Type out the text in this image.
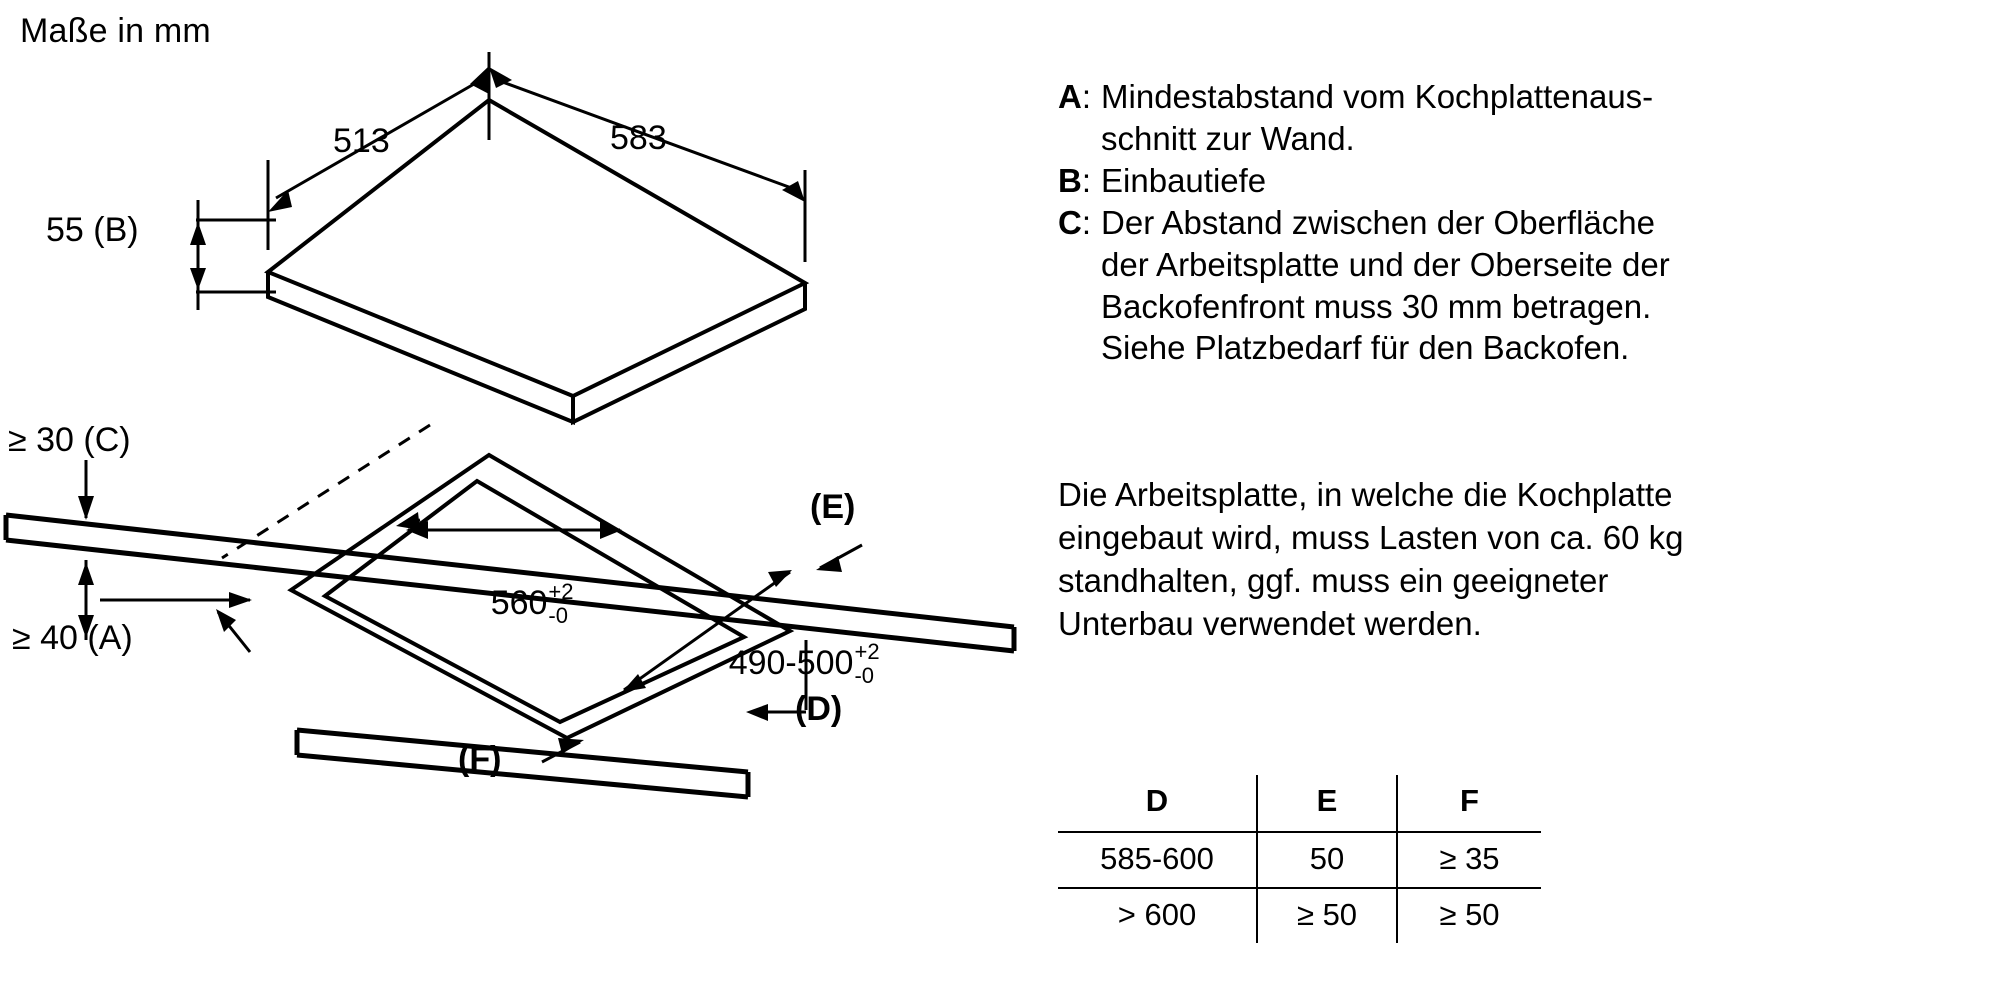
Maße in mm
513	583
55 (B)
≥ 30 (C)
≥ 40 (A)

560 +2
-0

490-500 +2
-0

(E)
(D)
(F)
A : Mindestabstand vom Kochplattenaus-
schnitt zur Wand.
B : Einbautiefe
C : Der Abstand zwischen der Oberfläche
der Arbeitsplatte und der Oberseite der
Backofenfront muss 30 mm betragen.
Siehe Platzbedarf für den Backofen.
Die Arbeitsplatte, in welche die Kochplatte
eingebaut wird, muss Lasten von ca. 60 kg
standhalten, ggf. muss ein geeigneter
Unterbau verwendet werden.
D	E	F
585-600	50	≥ 35
> 600	≥ 50	≥ 50
